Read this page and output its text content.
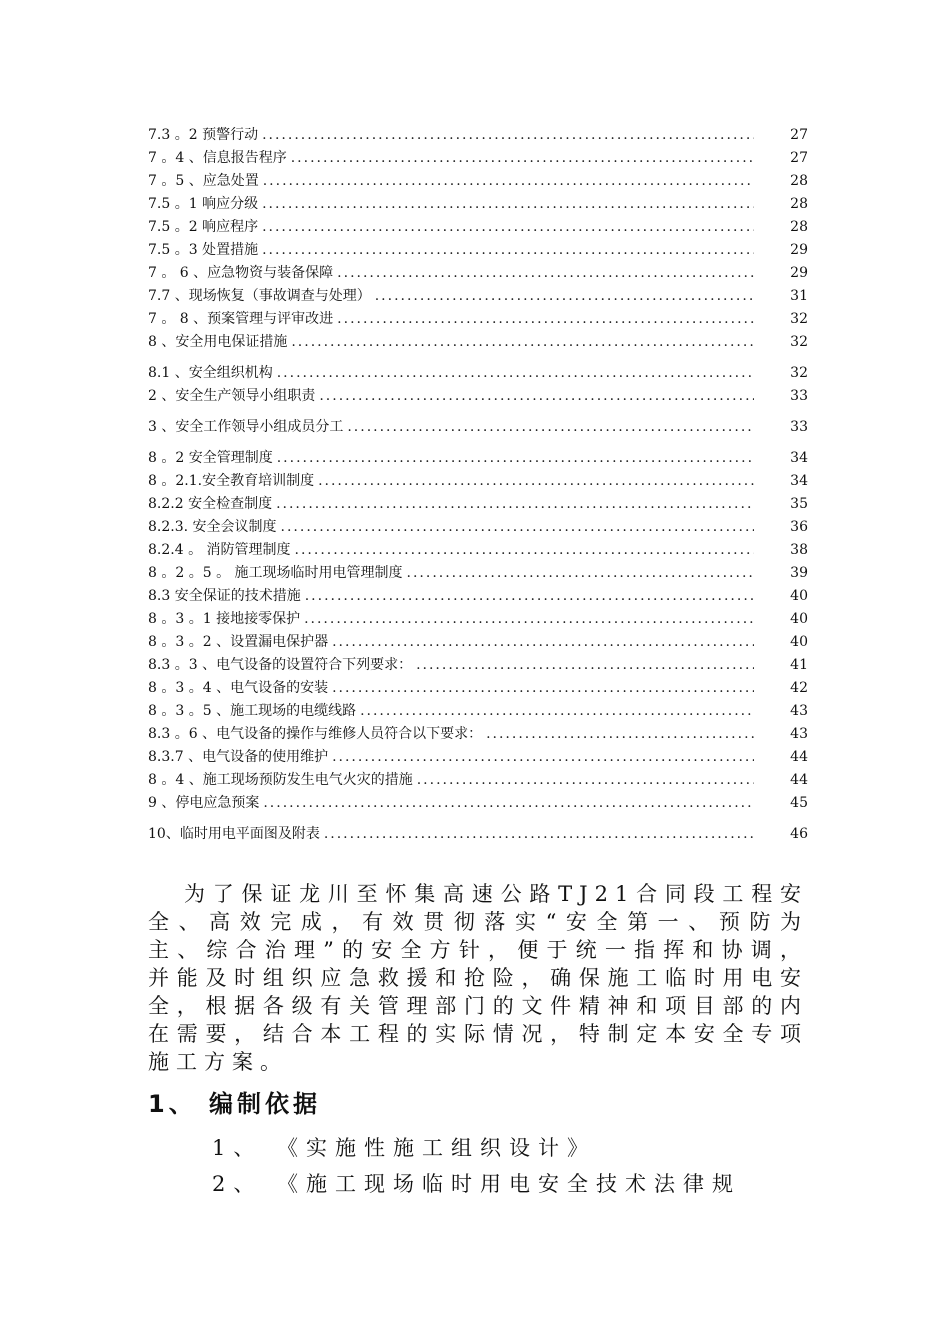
7.3 。2 预警行动 .....	27
7 。4 、信息报告程序 .....	27
7 。5 、应急处置 .....	28
7.5 。1 响应分级 .....	28
7.5 。2 响应程序 .....	28
7.5 。3 处置措施 .....	29
7 。 6 、应急物资与装备保障 .....	29
7.7 、现场恢复（事故调查与处理） .....	31
7 。 8 、预案管理与评审改进 .....	32
8 、安全用电保证措施 .....	32
8.1 、安全组织机构 .....	32
2 、安全生产领导小组职责 .....	33
3 、安全工作领导小组成员分工 .....	33
8 。2 安全管理制度 .....	34
8 。2.1.安全教育培训制度 .....	34
8.2.2 安全检查制度 .....	35
8.2.3. 安全会议制度 .....	36
8.2.4 。 消防管理制度 .....	38
8 。2 。5 。 施工现场临时用电管理制度 .....	39
8.3 安全保证的技术措施 .....	40
8 。3 。1 接地接零保护 .....	40
8 。3 。2 、设置漏电保护器 .....	40
8.3 。3 、电气设备的设置符合下列要求： .....	41
8 。3 。4 、电气设备的安装 .....	42
8 。3 。5 、施工现场的电缆线路 .....	43
8.3 。6 、电气设备的操作与维修人员符合以下要求： .....	43
8.3.7 、电气设备的使用维护 .....	44
8 。4 、施工现场预防发生电气火灾的措施 .....	44
9 、停电应急预案 .....	45
10、临时用电平面图及附表 .....	46

为了保证龙川至怀集高速公路TJ21合同段工程安全、高效完成，有效贯彻落实“安全第一、预防为主、综合治理”的安全方针，便于统一指挥和协调，并能及时组织应急救援和抢险，确保施工临时用电安全，根据各级有关管理部门的文件精神和项目部的内在需要，结合本工程的实际情况，特制定本安全专项施工方案。

1、 编制依据

1、 《实施性施工组织设计》

2、 《施工现场临时用电安全技术法律规
